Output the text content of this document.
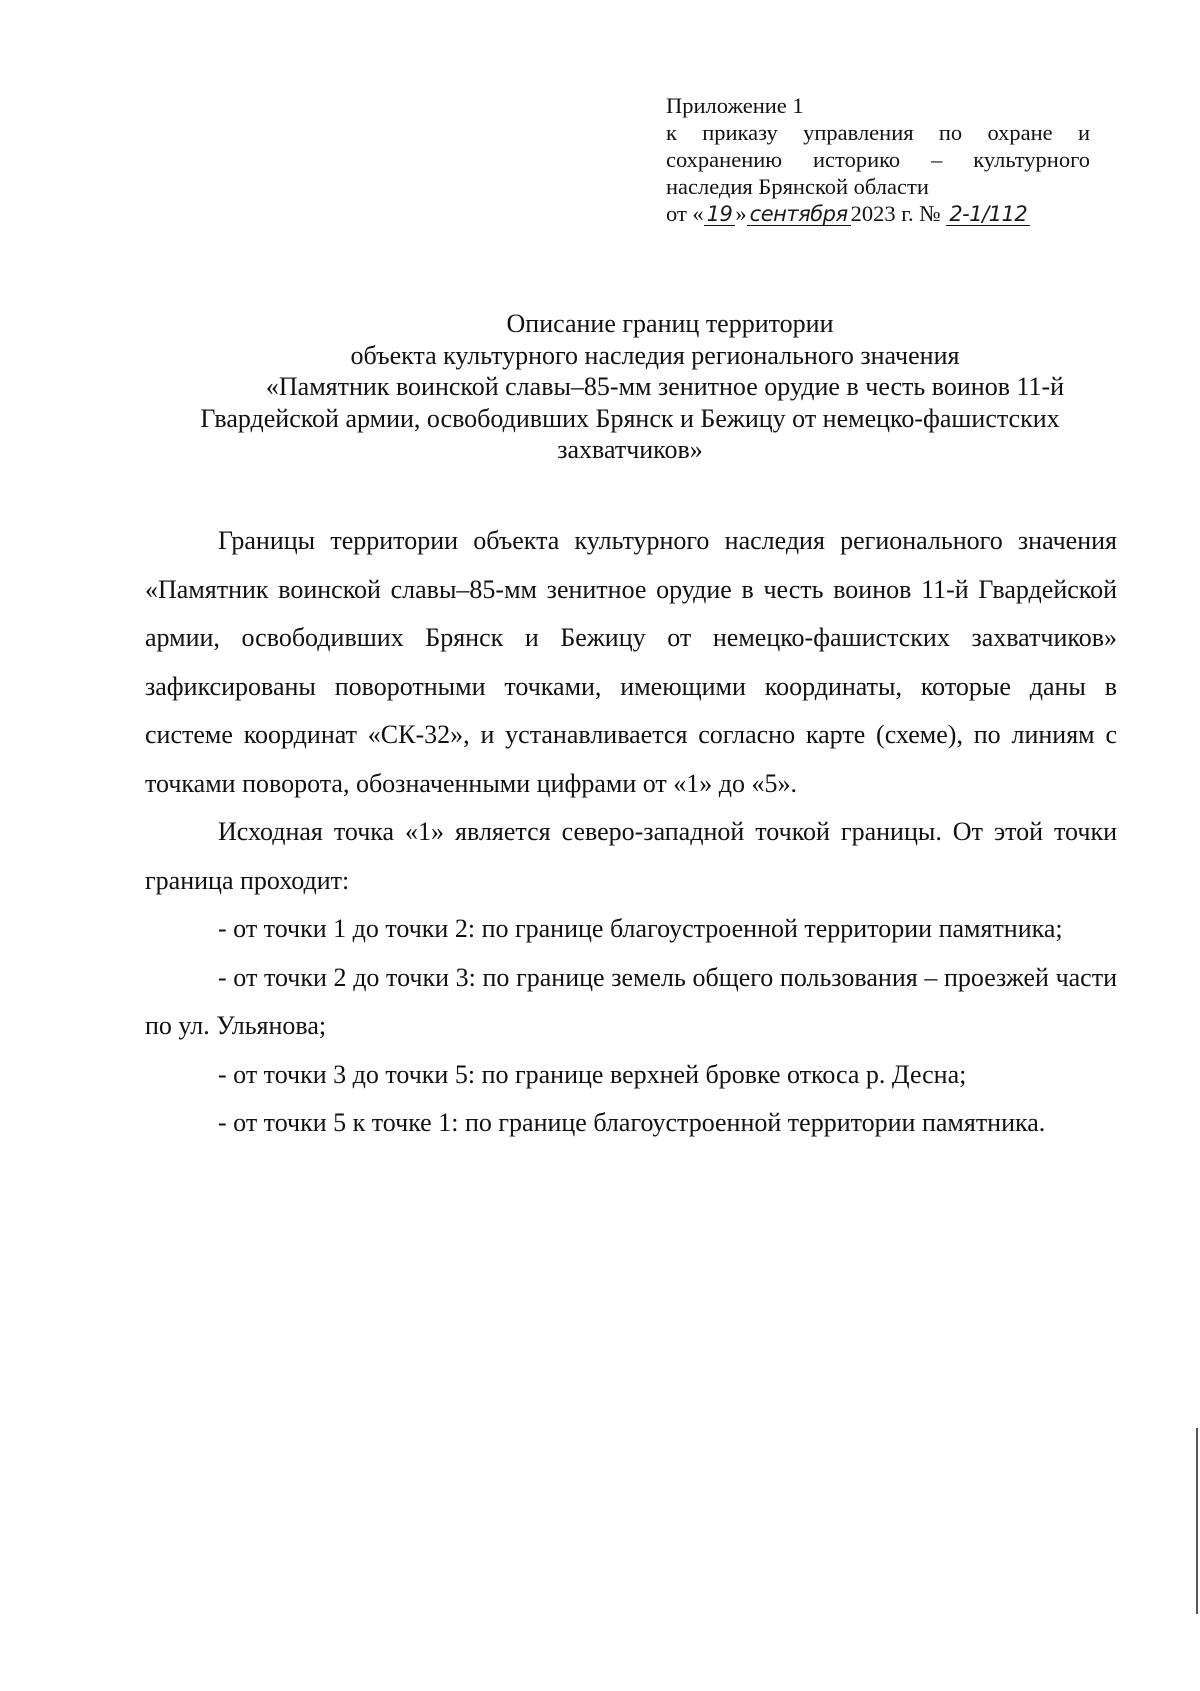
Приложение 1
к приказу управления по охране и
сохранению историко – культурного
наследия Брянской области
от « 19 » сентября 2023 г. № 2-1/112
Описание границ территории
объекта культурного наследия регионального значения
«Памятник воинской славы–85-мм зенитное орудие в честь воинов 11-й
Гвардейской армии, освободивших Брянск и Бежицу от немецко-фашистских
захватчиков»

Границы территории объекта культурного наследия регионального значения «Памятник воинской славы–85-мм зенитное орудие в честь воинов 11-й Гвардейской армии, освободивших Брянск и Бежицу от немецко-фашистских захватчиков» зафиксированы поворотными точками, имеющими координаты, которые даны в системе координат «СК-32», и устанавливается согласно карте (схеме), по линиям с точками поворота, обозначенными цифрами от «1» до «5».

Исходная точка «1» является северо-западной точкой границы. От этой точки граница проходит:

- от точки 1 до точки 2: по границе благоустроенной территории памятника;

- от точки 2 до точки 3: по границе земель общего пользования – проезжей части по ул. Ульянова;

- от точки 3 до точки 5: по границе верхней бровке откоса р. Десна;

- от точки 5 к точке 1: по границе благоустроенной территории памятника.
